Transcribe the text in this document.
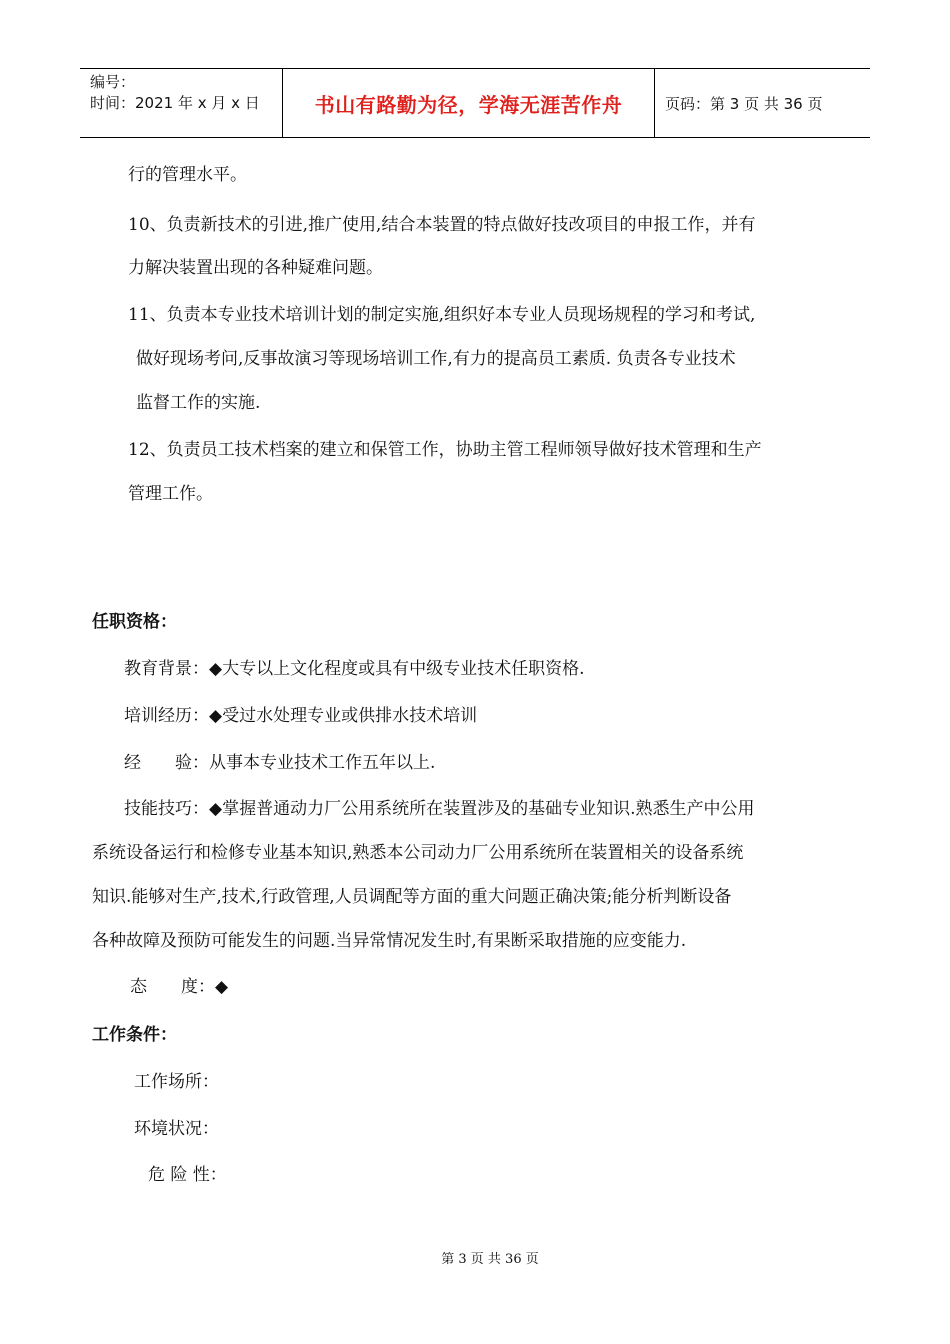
编号：
时间：2021 年 x 月 x 日	书山有路勤为径，学海无涯苦作舟	页码：第 3 页 共 36 页
行的管理水平。
10、负责新技术的引进,推广使用,结合本装置的特点做好技改项目的申报工作，并有
力解决装置出现的各种疑难问题。
11、负责本专业技术培训计划的制定实施,组织好本专业人员现场规程的学习和考试,
做好现场考问,反事故演习等现场培训工作,有力的提高员工素质. 负责各专业技术
监督工作的实施.
12、负责员工技术档案的建立和保管工作，协助主管工程师领导做好技术管理和生产
管理工作。
任职资格：
教育背景：◆大专以上文化程度或具有中级专业技术任职资格.
培训经历：◆受过水处理专业或供排水技术培训
经　　验：从事本专业技术工作五年以上.
技能技巧：◆掌握普通动力厂公用系统所在装置涉及的基础专业知识.熟悉生产中公用
系统设备运行和检修专业基本知识,熟悉本公司动力厂公用系统所在装置相关的设备系统
知识.能够对生产,技术,行政管理,人员调配等方面的重大问题正确决策;能分析判断设备
各种故障及预防可能发生的问题.当异常情况发生时,有果断采取措施的应变能力.
态　　度：◆
工作条件：
工作场所：
环境状况：
危 险 性：
第 3 页 共 36 页
